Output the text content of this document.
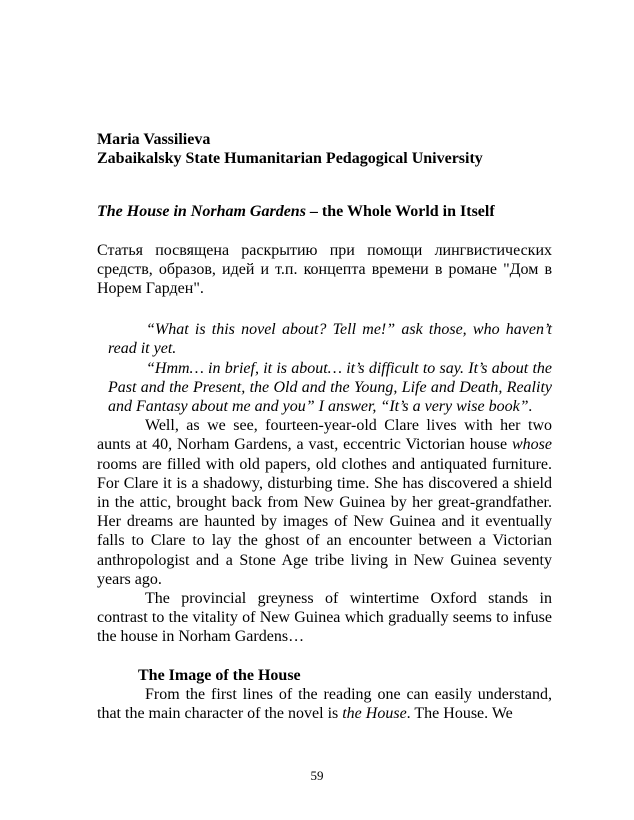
Maria Vassilieva
Zabaikalsky State Humanitarian Pedagogical University
The House in Norham Gardens – the Whole World in Itself
Статья посвящена раскрытию при помощи лингвистических средств, образов, идей и т.п. концепта времени в романе "Дом в Норем Гарден".

“What is this novel about? Tell me!” ask those, who haven’t read it yet.

“Hmm… in brief, it is about… it’s difficult to say. It’s about the Past and the Present, the Old and the Young, Life and Death, Reality and Fantasy about me and you” I answer, “It’s a very wise book”.

Well, as we see, fourteen-year-old Clare lives with her two aunts at 40, Norham Gardens, a vast, eccentric Victorian house whose rooms are filled with old papers, old clothes and antiquated furniture. For Clare it is a shadowy, disturbing time. She has discovered a shield in the attic, brought back from New Guinea by her great-grandfather. Her dreams are haunted by images of New Guinea and it eventually falls to Clare to lay the ghost of an encounter between a Victorian anthropologist and a Stone Age tribe living in New Guinea seventy years ago.

The provincial greyness of wintertime Oxford stands in contrast to the vitality of New Guinea which gradually seems to infuse the house in Norham Gardens…

The Image of the House

From the first lines of the reading one can easily understand, that the main character of the novel is the House. The House. We

59
